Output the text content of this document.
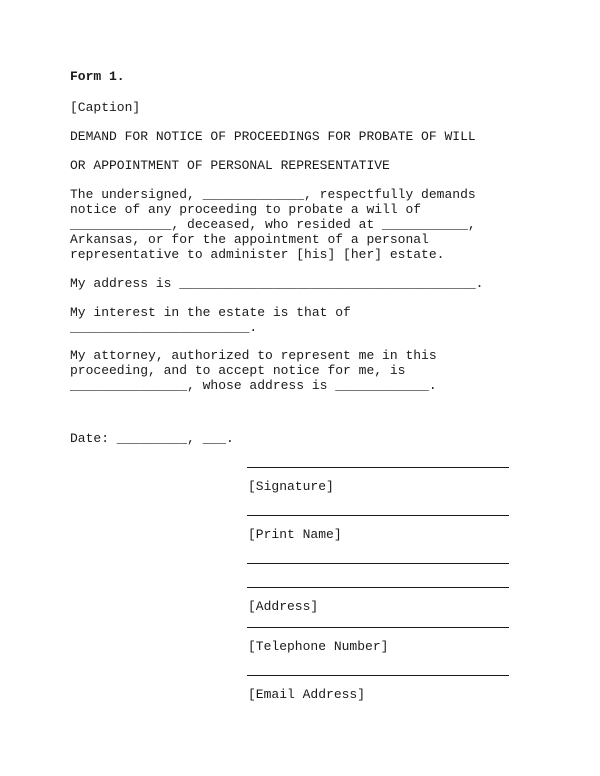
Form 1.
[Caption]
DEMAND FOR NOTICE OF PROCEEDINGS FOR PROBATE OF WILL
OR APPOINTMENT OF PERSONAL REPRESENTATIVE
The undersigned, _____________, respectfully demands
notice of any proceeding to probate a will of
_____________, deceased, who resided at ___________,
Arkansas, or for the appointment of a personal
representative to administer [his] [her] estate.
My address is ______________________________________.
My interest in the estate is that of
_______________________.
My attorney, authorized to represent me in this
proceeding, and to accept notice for me, is
_______________, whose address is ____________.
Date: _________, ___.
[Signature]
[Print Name]
[Address]
[Telephone Number]
[Email Address]
